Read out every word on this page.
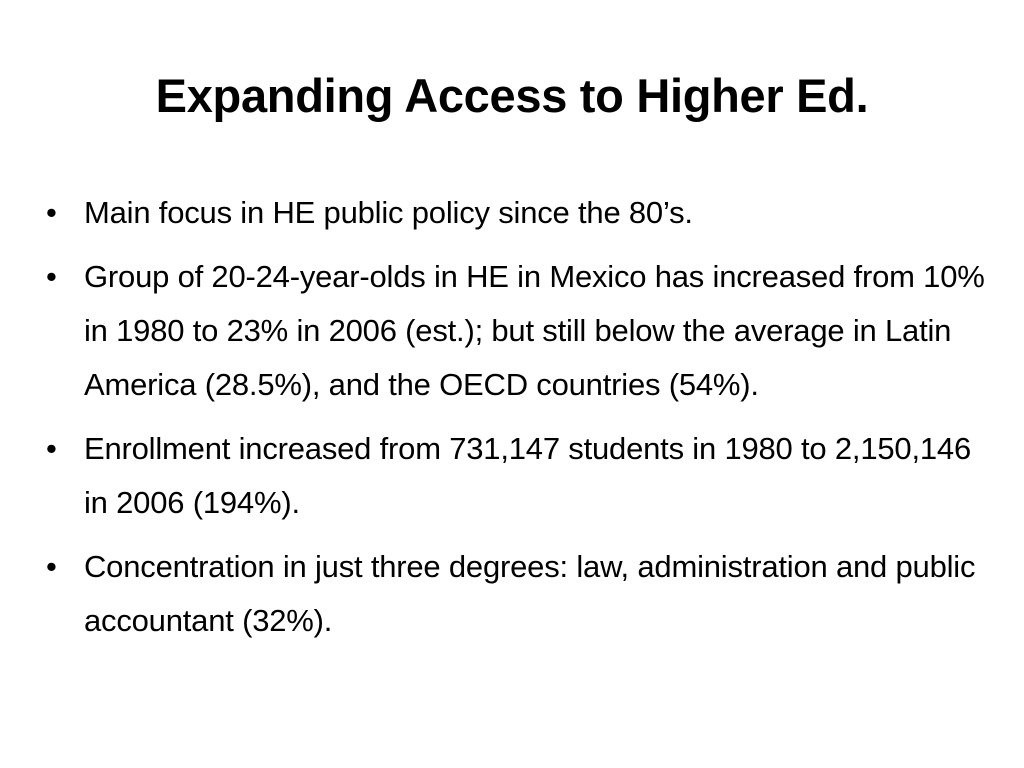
Expanding Access to Higher Ed.
• Main focus in HE public policy since the 80’s.
• Group of 20-24-year-olds in HE in Mexico has increased from 10% in 1980 to 23% in 2006 (est.); but still below the average in Latin America (28.5%), and the OECD countries (54%).
• Enrollment increased from 731,147 students in 1980 to 2,150,146 in 2006 (194%).
• Concentration in just three degrees: law, administration and public accountant (32%).
